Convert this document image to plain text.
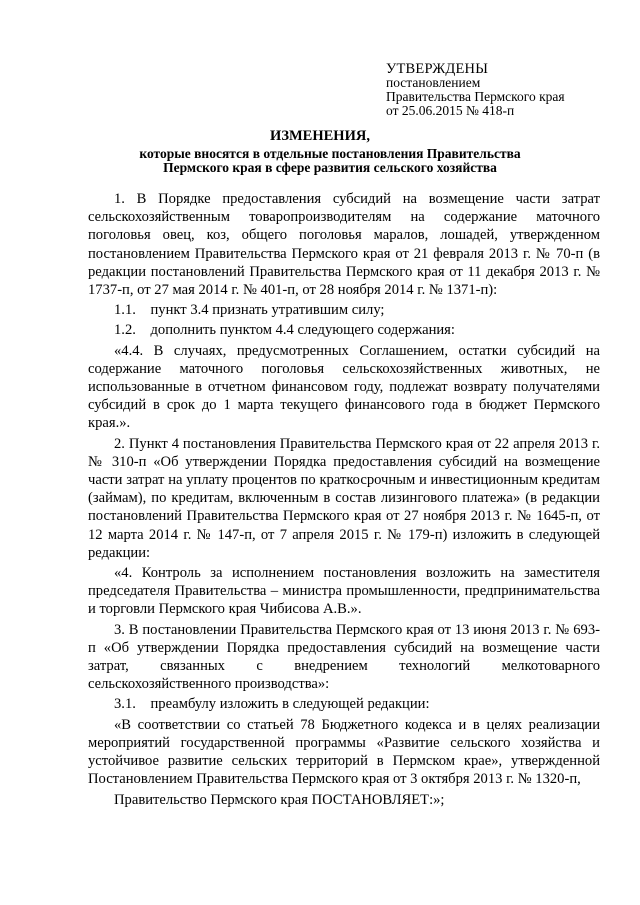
УТВЕРЖДЕНЫ
постановлением
Правительства Пермского края
от 25.06.2015 № 418-п
ИЗМЕНЕНИЯ,
которые вносятся в отдельные постановления Правительства
Пермского края в сфере развития сельского хозяйства

1. В Порядке предоставления субсидий на возмещение части затрат сельскохозяйственным товаропроизводителям на содержание маточного поголовья овец, коз, общего поголовья маралов, лошадей, утвержденном постановлением Правительства Пермского края от 21 февраля 2013 г. № 70-п (в редакции постановлений Правительства Пермского края от 11 декабря 2013 г. № 1737-п, от 27 мая 2014 г. № 401-п, от 28 ноября 2014 г. № 1371-п):

1.1.    пункт 3.4 признать утратившим силу;

1.2.    дополнить пунктом 4.4 следующего содержания:

«4.4. В случаях, предусмотренных Соглашением, остатки субсидий на содержание маточного поголовья сельскохозяйственных животных, не использованные в отчетном финансовом году, подлежат возврату получателями субсидий в срок до 1 марта текущего финансового года в бюджет Пермского края.».

2. Пункт 4 постановления Правительства Пермского края от 22 апреля 2013 г. № 310-п «Об утверждении Порядка предоставления субсидий на возмещение части затрат на уплату процентов по краткосрочным и инвестиционным кредитам (займам), по кредитам, включенным в состав лизингового платежа» (в редакции постановлений Правительства Пермского края от 27 ноября 2013 г. № 1645-п, от 12 марта 2014 г. № 147-п, от 7 апреля 2015 г. № 179-п) изложить в следующей редакции:

«4. Контроль за исполнением постановления возложить на заместителя председателя Правительства – министра промышленности, предпринимательства и торговли Пермского края Чибисова А.В.».

3. В постановлении Правительства Пермского края от 13 июня 2013 г. № 693-п «Об утверждении Порядка предоставления субсидий на возмещение части затрат, связанных с внедрением технологий мелкотоварного сельскохозяйственного производства»:

3.1.    преамбулу изложить в следующей редакции:

«В соответствии со статьей 78 Бюджетного кодекса и в целях реализации мероприятий государственной программы «Развитие сельского хозяйства и устойчивое развитие сельских территорий в Пермском крае», утвержденной Постановлением Правительства Пермского края от 3 октября 2013 г. № 1320-п,

Правительство Пермского края ПОСТАНОВЛЯЕТ:»;
